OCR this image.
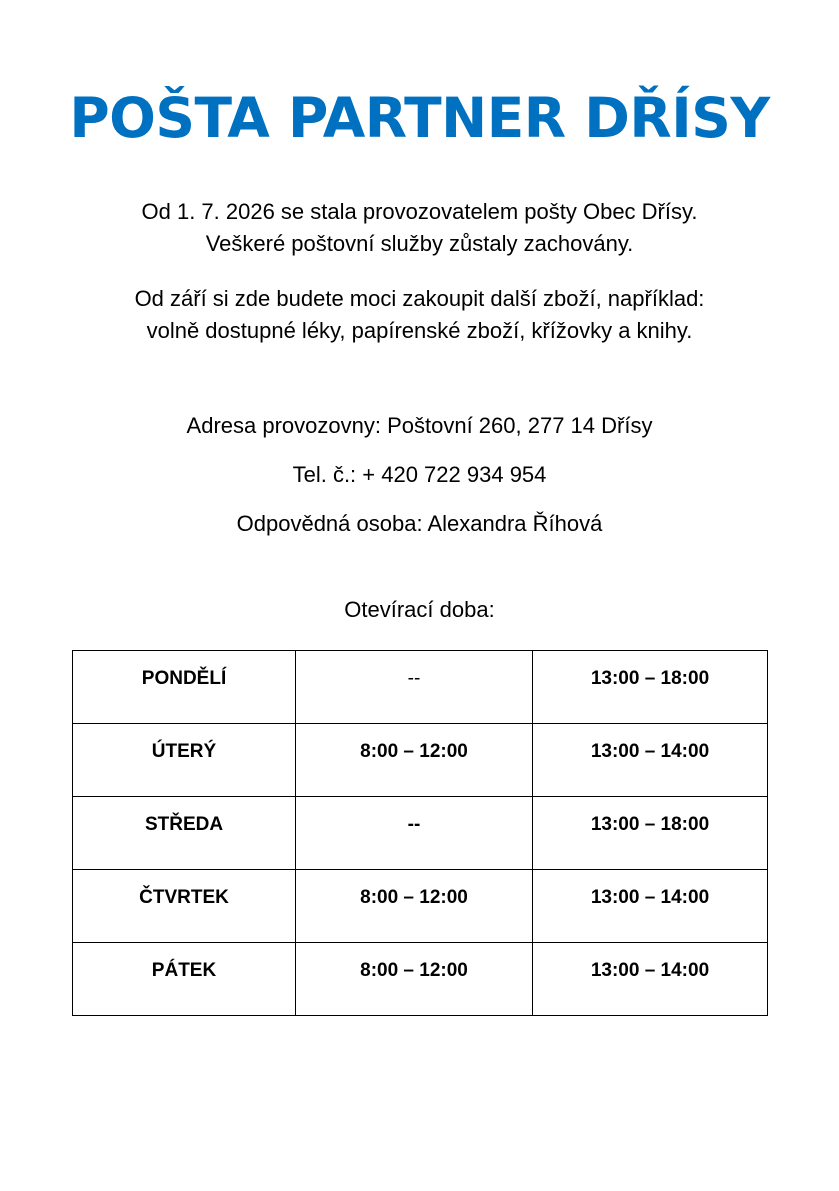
POŠTA PARTNER DŘÍSY
Od 1. 7. 2026 se stala provozovatelem pošty Obec Dřísy.
Veškeré poštovní služby zůstaly zachovány.
Od září si zde budete moci zakoupit další zboží, například:
volně dostupné léky, papírenské zboží, křížovky a knihy.
Adresa provozovny: Poštovní 260, 277 14 Dřísy
Tel. č.: + 420 722 934 954
Odpovědná osoba: Alexandra Říhová
Otevírací doba:
PONDĚLÍ	--	13:00 – 18:00

ÚTERÝ	8:00 – 12:00	13:00 – 14:00

STŘEDA	--	13:00 – 18:00

ČTVRTEK	8:00 – 12:00	13:00 – 14:00

PÁTEK	8:00 – 12:00	13:00 – 14:00
